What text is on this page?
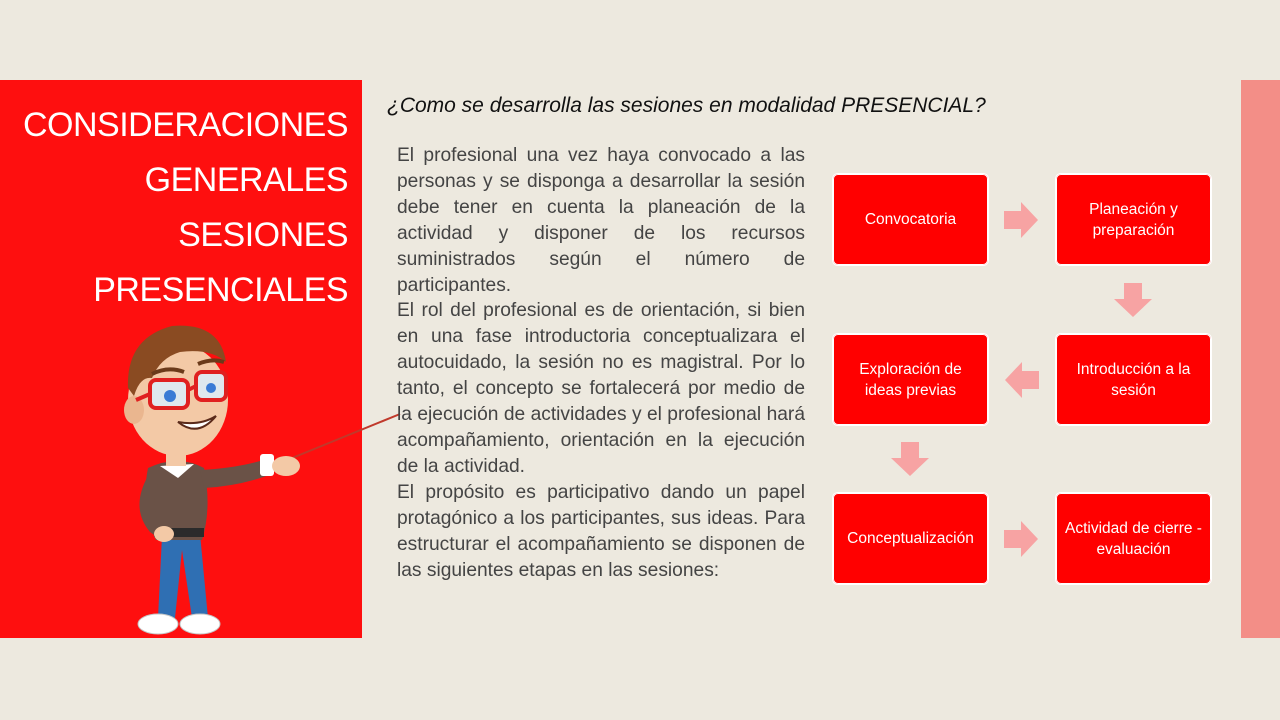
CONSIDERACIONES
GENERALES
SESIONES
PRESENCIALES
¿Como se desarrolla las sesiones en modalidad PRESENCIAL?

El profesional una vez haya convocado a las personas y se disponga a desarrollar la sesión debe tener en cuenta la planeación de la actividad y disponer de los recursos suministrados según el número de participantes.

El rol del profesional es de orientación, si bien en una fase introductoria conceptualizara el autocuidado, la sesión no es magistral. Por lo tanto, el concepto se fortalecerá por medio de la ejecución de actividades y el profesional hará acompañamiento, orientación en la ejecución de la actividad.

El propósito es participativo dando un papel protagónico a los participantes, sus ideas. Para estructurar el acompañamiento se disponen de las siguientes etapas en las sesiones:

Convocatoria
Planeación y preparación
Introducción a la sesión
Exploración de ideas previas
Conceptualización
Actividad de cierre - evaluación
